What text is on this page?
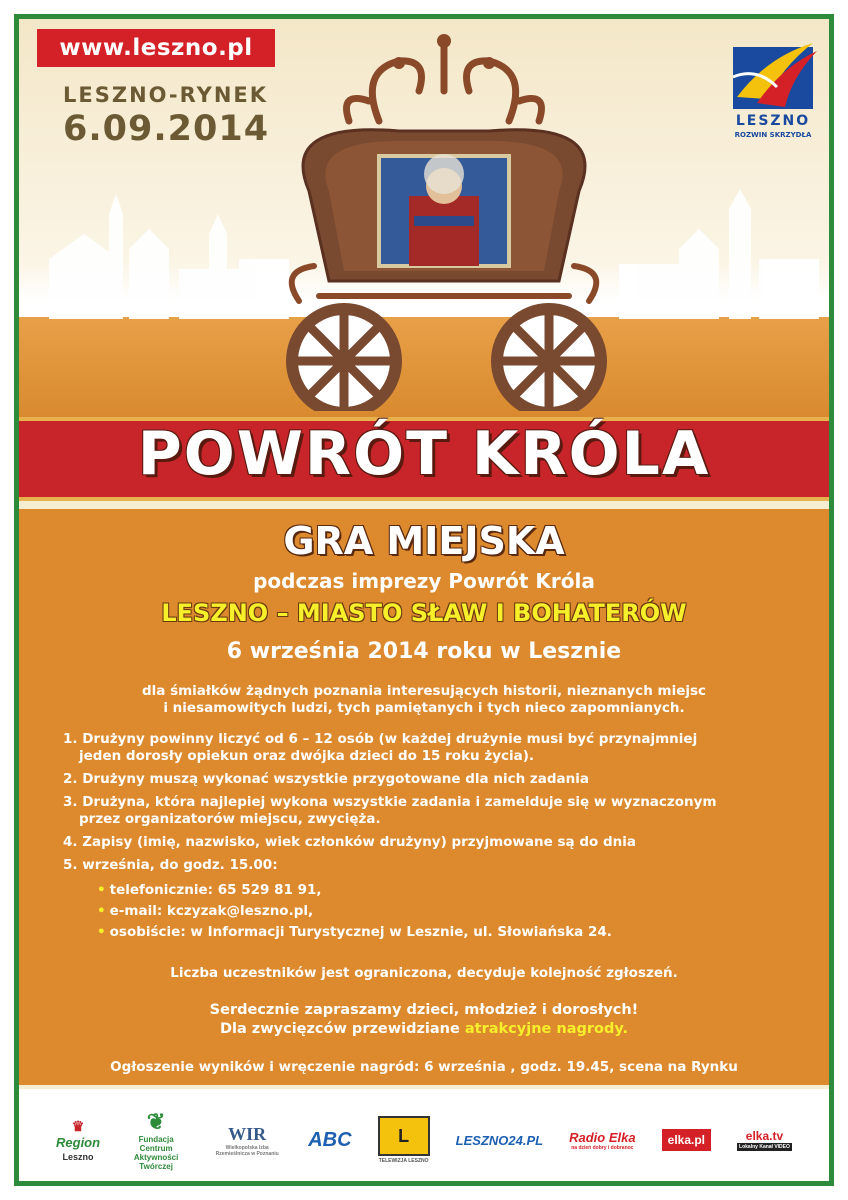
www.leszno.pl
LESZNO-RYNEK
6.09.2014	LESZNO
ROZWIN SKRZYDŁA
POWRÓT KRÓLA
GRA MIEJSKA
podczas imprezy Powrót Króla
LESZNO – MIASTO SŁAW I BOHATERÓW
6 września 2014 roku w Lesznie
dla śmiałków żądnych poznania interesujących historii, nieznanych miejsc
i niesamowitych ludzi, tych pamiętanych i tych nieco zapomnianych.
1. Drużyny powinny liczyć od 6 – 12 osób (w każdej drużynie musi być przynajmniej
jeden dorosły opiekun oraz dwójka dzieci do 15 roku życia).
2. Drużyny muszą wykonać wszystkie przygotowane dla nich zadania
3. Drużyna, która najlepiej wykona wszystkie zadania i zamelduje się w wyznaczonym
przez organizatorów miejscu, zwycięża.
4. Zapisy (imię, nazwisko, wiek członków drużyny) przyjmowane są do dnia
5. września, do godz. 15.00:
• telefonicznie: 65 529 81 91,
• e-mail: kczyzak@leszno.pl,
• osobiście: w Informacji Turystycznej w Lesznie, ul. Słowiańska 24.
Liczba uczestników jest ograniczona, decyduje kolejność zgłoszeń.
Serdecznie zapraszamy dzieci, młodzież i dorosłych!
Dla zwycięzców przewidziane atrakcyjne nagrody.
Ogłoszenie wyników i wręczenie nagród: 6 września , godz. 19.45, scena na Rynku
♛
Region
Leszno
❦
Fundacja Centrum Aktywności Twórczej
WIR
Wielkopolska Izba Rzemieślnicza w Poznaniu
ABC	L
TELEWIZJA LESZNO
LESZNO24.PL Radio Elka
na dzień dobry i dobranoc
elka.pl	elka.tv
Lokalny Kanał VIDEO
